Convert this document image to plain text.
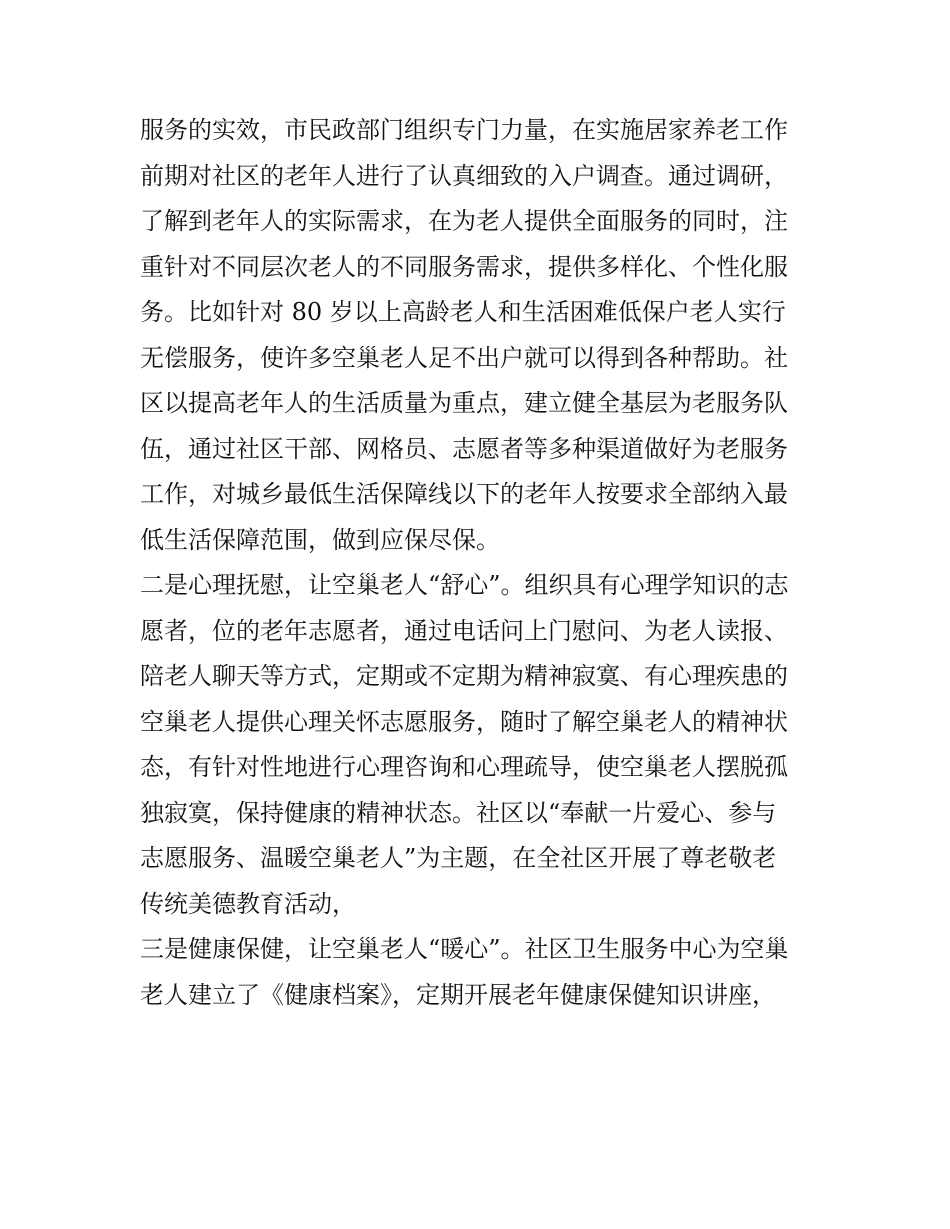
服务的实效，市民政部门组织专门力量，在实施居家养老工作
前期对社区的老年人进行了认真细致的入户调查。通过调研，
了解到老年人的实际需求，在为老人提供全面服务的同时，注
重针对不同层次老人的不同服务需求，提供多样化、个性化服
务。比如针对 80 岁以上高龄老人和生活困难低保户老人实行
无偿服务，使许多空巢老人足不出户就可以得到各种帮助。社
区以提高老年人的生活质量为重点，建立健全基层为老服务队
伍，通过社区干部、网格员、志愿者等多种渠道做好为老服务
工作，对城乡最低生活保障线以下的老年人按要求全部纳入最
低生活保障范围，做到应保尽保。
二是心理抚慰，让空巢老人“舒心”。组织具有心理学知识的志
愿者，位的老年志愿者，通过电话问上门慰问、为老人读报、
陪老人聊天等方式，定期或不定期为精神寂寞、有心理疾患的
空巢老人提供心理关怀志愿服务，随时了解空巢老人的精神状
态，有针对性地进行心理咨询和心理疏导，使空巢老人摆脱孤
独寂寞，保持健康的精神状态。社区以“奉献一片爱心、参与
志愿服务、温暖空巢老人”为主题，在全社区开展了尊老敬老
传统美德教育活动，
三是健康保健，让空巢老人“暖心”。社区卫生服务中心为空巢
老人建立了《健康档案》，定期开展老年健康保健知识讲座，
